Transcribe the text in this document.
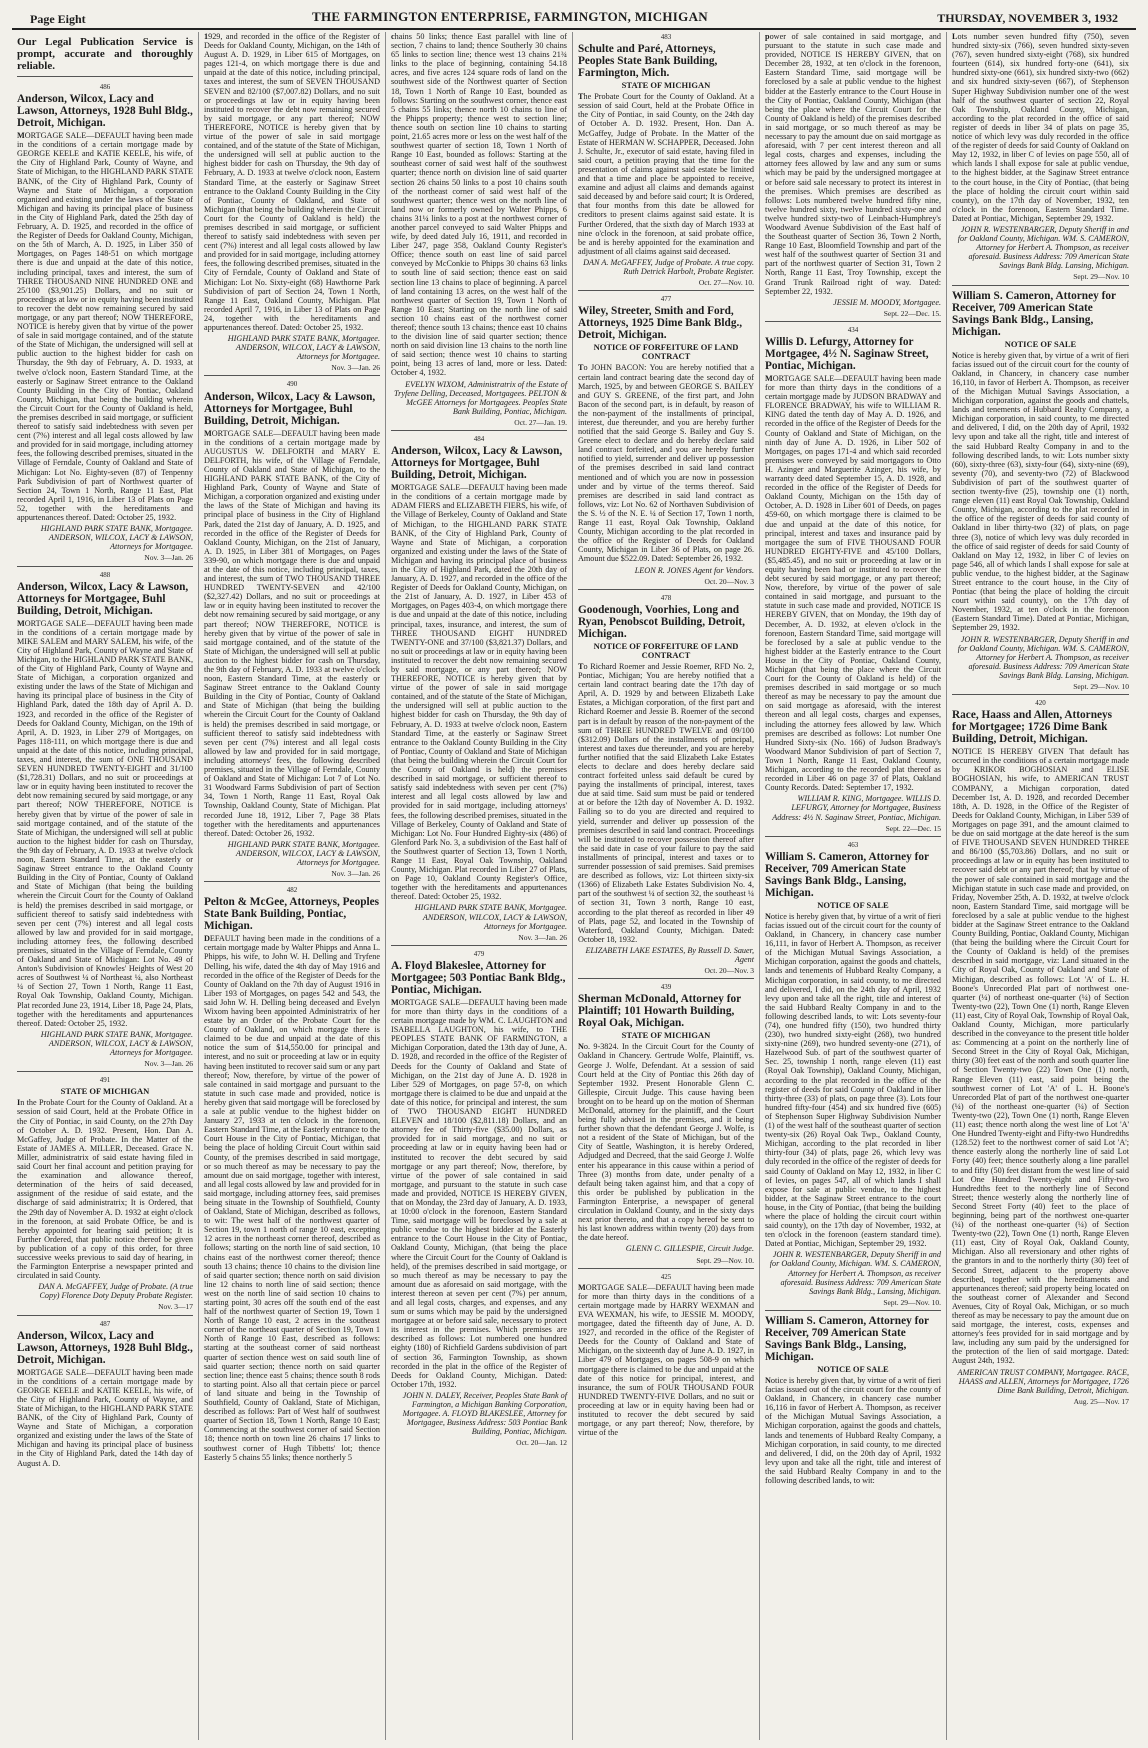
Page Eight	THE FARMINGTON ENTERPRISE, FARMINGTON, MICHIGAN	THURSDAY, NOVEMBER 3, 1932
Our Legal Publication Service is prompt, accurate and thoroughly reliable.
486
Anderson, Wilcox, Lacy and Lawson, Attorneys, 1928 Buhl Bldg., Detroit, Michigan.
MORTGAGE SALE—DEFAULT having been made in the conditions of a certain mortgage made by GEORGE KEELE and KATIE KEELE, his wife, of the City of Highland Park, County of Wayne, and State of Michigan, to the HIGHLAND PARK STATE BANK, of the City of Highland Park, County of Wayne and State of Michigan, a corporation organized and existing under the laws of the State of Michigan and having its principal place of business in the City of Highland Park, dated the 25th day of February, A. D. 1925, and recorded in the office of the Register of Deeds for Oakland County, Michigan, on the 5th of March, A. D. 1925, in Liber 350 of Mortgages, on Pages 148-51 on which mortgage there is due and unpaid at the date of this notice, including principal, taxes and interest, the sum of THREE THOUSAND NINE HUNDRED ONE and 25/100 ($3,901.25) Dollars, and no suit or proceedings at law or in equity having been instituted to recover the debt now remaining secured by said mortgage, or any part thereof; NOW THEREFORE, NOTICE is hereby given that by virtue of the power of sale in said mortgage contained, and of the statute of the State of Michigan, the undersigned will sell at public auction to the highest bidder for cash on Thursday, the 9th day of February, A. D. 1933, at twelve o'clock noon, Eastern Standard Time, at the easterly or Saginaw Street entrance to the Oakland County Building in the City of Pontiac, Oakland County, Michigan, that being the building wherein the Circuit Court for the County of Oakland is held, the premises described in said mortgage, or sufficient thereof to satisfy said indebtedness with seven per cent (7%) interest and all legal costs allowed by law and provided for in said mortgage, including attorney fees, the following described premises, situated in the Village of Ferndale, County of Oakland and State of Michigan: Lot No. Eighty-seven (87) of Tenpenny Park Subdivision of part of Northwest quarter of Section 24, Town 1 North, Range 11 East, Plat recorded April 1, 1916, in Liber 13 of Plats on Page 52, together with the hereditaments and appurtenances thereof. Dated: October 25, 1932.
HIGHLAND PARK STATE BANK, Mortgagee. ANDERSON, WILCOX, LACY & LAWSON, Attorneys for Mortgagee.
Nov. 3—Jan. 26
488
Anderson, Wilcox, Lacy & Lawson, Attorneys for Mortgagee, Buhl Building, Detroit, Michigan.
MORTGAGE SALE—DEFAULT having been made in the conditions of a certain mortgage made by MIKE SALEM and MARY SALEM, his wife, of the City of Highland Park, County of Wayne and State of Michigan, to the HIGHLAND PARK STATE BANK, of the City of Highland Park, County of Wayne and State of Michigan, a corporation organized and existing under the laws of the State of Michigan and having its principal place of business in the City of Highland Park, dated the 18th day of April A. D. 1923, and recorded in the office of the Register of Deeds for Oakland County, Michigan, on the 19th of April, A. D. 1923, in Liber 279 of Mortgages, on Pages 118-111, on which mortgage there is due and unpaid at the date of this notice, including principal, taxes, and interest, the sum of ONE THOUSAND SEVEN HUNDRED TWENTY-EIGHT and 31/100 ($1,728.31) Dollars, and no suit or proceedings at law or in equity having been instituted to recover the debt now remaining secured by said mortgage, or any part thereof; NOW THEREFORE, NOTICE is hereby given that by virtue of the power of sale in said mortgage contained, and of the statute of the State of Michigan, the undersigned will sell at public auction to the highest bidder for cash on Thursday, the 9th day of February, A. D. 1933 at twelve o'clock noon, Eastern Standard Time, at the easterly or Saginaw Street entrance to the Oakland County Building in the City of Pontiac, County of Oakland and State of Michigan (that being the building wherein the Circuit Court for the County of Oakland is held) the premises described in said mortgage, or sufficient thereof to satisfy said indebtedness with seven per cent (7%) interest and all legal costs allowed by law and provided for in said mortgage, including attorney fees, the following described premises, situated in the Village of Ferndale, County of Oakland and State of Michigan: Lot No. 49 of Anton's Subdivision of Knowles' Heights of West 20 acres of Southwest ¼ of Northeast ¼, also Northeast ¼ of Section 27, Town 1 North, Range 11 East, Royal Oak Township, Oakland County, Michigan. Plat recorded June 23, 1914, Liber 18, Page 24, Plats, together with the hereditaments and appurtenances thereof. Dated: October 25, 1932.
HIGHLAND PARK STATE BANK, Mortgagee. ANDERSON, WILCOX, LACY & LAWSON, Attorneys for Mortgagee.
Nov. 3—Jan. 26
491
STATE OF MICHIGAN
In the Probate Court for the County of Oakland. At a session of said Court, held at the Probate Office in the City of Pontiac, in said County, on the 27th Day of October A. D. 1932. Present, Hon. Dan A. McGaffey, Judge of Probate. In the Matter of the Estate of JAMES A. MILLER, Deceased. Grace N. Miller, administratrix of said estate having filed in said Court her final account and petition praying for the examination and allowance thereof, determination of the heirs of said deceased, assignment of the residue of said estate, and the discharge of said administratrix; It is Ordered, that the 29th day of November A. D. 1932 at eight o'clock in the forenoon, at said Probate Office, be and is hereby appointed for hearing said petition; It is Further Ordered, that public notice thereof be given by publication of a copy of this order, for three successive weeks previous to said day of hearing, in the Farmington Enterprise a newspaper printed and circulated in said County.
DAN A. McGAFFEY, Judge of Probate. (A true Copy) Florence Doty Deputy Probate Register.
Nov. 3—17
487
Anderson, Wilcox, Lacy and Lawson, Attorneys, 1928 Buhl Bldg., Detroit, Michigan.
MORTGAGE SALE—DEFAULT having been made in the conditions of a certain mortgage made by GEORGE KEELE and KATIE KEELE, his wife, of the City of Highland Park, County of Wayne, and State of Michigan, to the HIGHLAND PARK STATE BANK, of the City of Highland Park, County of Wayne and State of Michigan, a corporation organized and existing under the laws of the State of Michigan and having its principal place of business in the City of Highland Park, dated the 14th day of August A. D.
1929, and recorded in the office of the Register of Deeds for Oakland County, Michigan, on the 14th of August A. D. 1929, in Liber 615 of Mortgages, on pages 121-4, on which mortgage there is due and unpaid at the date of this notice, including principal, taxes and interest, the sum of SEVEN THOUSAND SEVEN and 82/100 ($7,007.82) Dollars, and no suit or proceedings at law or in equity having been instituted to recover the debt now remaining secured by said mortgage, or any part thereof; NOW THEREFORE, NOTICE is hereby given that by virtue of the power of sale in said mortgage contained, and of the statute of the State of Michigan, the undersigned will sell at public auction to the highest bidder for cash on Thursday, the 9th day of February, A. D. 1933 at twelve o'clock noon, Eastern Standard Time, at the easterly or Saginaw Street entrance to the Oakland County Building in the City of Pontiac, County of Oakland, and State of Michigan (that being the building wherein the Circuit Court for the County of Oakland is held) the premises described in said mortgage, or sufficient thereof to satisfy said indebtedness with seven per cent (7%) interest and all legal costs allowed by law and provided for in said mortgage, including attorney fees, the following described premises, situated in the City of Ferndale, County of Oakland and State of Michigan: Lot No. Sixty-eight (68) Hawthorne Park Subdivision of part of Section 24, Town 1 North, Range 11 East, Oakland County, Michigan. Plat recorded April 7, 1916, in Liber 13 of Plats on Page 24, together with the hereditaments and appurtenances thereof. Dated: October 25, 1932.
HIGHLAND PARK STATE BANK, Mortgagee. ANDERSON, WILCOX, LACY & LAWSON, Attorneys for Mortgagee.
Nov. 3—Jan. 26
490
Anderson, Wilcox, Lacy & Lawson, Attorneys for Mortgagee, Buhl Building, Detroit, Michigan.
MORTGAGE SALE—DEFAULT having been made in the conditions of a certain mortgage made by AUGUSTUS W. DELFORTH and MARY E. DELFORTH, his wife, of the Village of Ferndale, County of Oakland and State of Michigan, to the HIGHLAND PARK STATE BANK, of the City of Highland Park, County of Wayne and State of Michigan, a corporation organized and existing under the laws of the State of Michigan and having its principal place of business in the City of Highland Park, dated the 21st day of January, A. D. 1925, and recorded in the office of the Register of Deeds for Oakland County, Michigan, on the 21st of January, A. D. 1925, in Liber 381 of Mortgages, on Pages 339-90, on which mortgage there is due and unpaid at the date of this notice, including principal, taxes, and interest, the sum of TWO THOUSAND THREE HUNDRED TWENTY-SEVEN and 42/100 ($2,327.42) Dollars, and no suit or proceedings at law or in equity having been instituted to recover the debt now remaining secured by said mortgage, or any part thereof; NOW THEREFORE, NOTICE is hereby given that by virtue of the power of sale in said mortgage contained, and of the statute of the State of Michigan, the undersigned will sell at public auction to the highest bidder for cash on Thursday, the 9th day of February, A. D. 1933 at twelve o'clock noon, Eastern Standard Time, at the easterly or Saginaw Street entrance to the Oakland County Building in the City of Pontiac, County of Oakland and State of Michigan (that being the building wherein the Circuit Court for the County of Oakland is held) the premises described in said mortgage, or sufficient thereof to satisfy said indebtedness with seven per cent (7%) interest and all legal costs allowed by law and provided for in said mortgage, including attorneys' fees, the following described premises, situated in the Village of Ferndale, County of Oakland and State of Michigan: Lot 7 of Lot No. 31 Woodward Farms Subdivision of part of Section 34, Town 1 North, Range 11 East, Royal Oak Township, Oakland County, State of Michigan. Plat recorded June 18, 1912, Liber 7, Page 38 Plats together with the hereditaments and appurtenances thereof. Dated: October 26, 1932.
HIGHLAND PARK STATE BANK, Mortgagee. ANDERSON, WILCOX, LACY & LAWSON, Attorneys for Mortgagee.
Nov. 3—Jan. 26
482
Pelton & McGee, Attorneys, Peoples State Bank Building, Pontiac, Michigan.
DEFAULT having been made in the conditions of a certain mortgage made by Walter Phipps and Anna L. Phipps, his wife, to John W. H. Delling and Tryfene Delling, his wife, dated the 4th day of May 1916 and recorded in the office of the Register of Deeds for the County of Oakland on the 7th day of August 1916 in Liber 193 of Mortgages, on pages 542 and 543, the said John W. H. Delling being deceased and Evelyn Wixom having been appointed Administratrix of her estate by an Order of the Probate Court for the County of Oakland, on which mortgage there is claimed to be due and unpaid at the date of this notice the sum of $14,550.00 for principal and interest, and no suit or proceeding at law or in equity having been instituted to recover said sum or any part thereof; Now, therefore, by virtue of the power of sale contained in said mortgage and pursuant to the statute in such case made and provided, notice is hereby given that said mortgage will be foreclosed by a sale at public vendue to the highest bidder on January 27, 1933 at ten o'clock in the forenoon, Eastern Standard Time, at the Easterly entrance to the Court House in the City of Pontiac, Michigan, that being the place of holding Circuit Court within said County, of the premises described in said mortgage, or so much thereof as may be necessary to pay the amount due on said mortgage, together with interest, and all legal costs allowed by law and provided for in said mortgage, including attorney fees, said premises being situate in the Township of Southfield, County of Oakland, State of Michigan, described as follows, to wit: The west half of the northwest quarter of Section 19, town 1 north of range 10 east, excepting 12 acres in the northeast corner thereof, described as follows; starting on the north line of said section, 10 chains east of the northwest corner thereof; thence south 13 chains; thence 10 chains to the division line of said quarter section; thence north on said division line 12 chains to north line of said section; thence west on the north line of said section 10 chains to starting point, 30 acres off the south end of the east half of the northwest quarter of Section 19, Town 1 North of Range 10 east, 2 acres in the southeast corner of the northeast quarter of Section 19, Town 1 North of Range 10 East, described as follows: starting at the southeast corner of said northeast quarter of section thence west on said south line of said quarter section; thence north on said quarter section line; thence east 5 chains; thence south 8 rods to starting point. Also all that certain piece or parcel of land situate and being in the Township of Southfield, County of Oakland, State of Michigan, described as follows: Part of West half of southwest quarter of Section 18, Town 1 North, Range 10 East; Commencing at the southwest corner of said Section 18; thence north on town line 26 chains 17 links to southwest corner of Hugh Tibbetts' lot; thence Easterly 5 chains 55 links; thence northerly 5
chains 50 links; thence East parallel with line of section, 7 chains to land; thence Southerly 30 chains 65 links to section line; thence west 13 chains 21¾ links to the place of beginning, containing 54.18 acres, and five acres 124 square rods of land on the southwest side of the Northwest quarter of Section 18, Town 1 North of Range 10 East, bounded as follows: Starting on the southwest corner, thence east 5 chains 55 links; thence north 10 chains to line of the Phipps property; thence west to section line; thence south on section line 10 chains to starting point, 21.65 acres more or less on the west half of the southwest quarter of section 18, Town 1 North of Range 10 East, bounded as follows: Starting at the southeast corner of said west half of the southwest quarter; thence north on division line of said quarter section 26 chains 50 links to a post 10 chains south of the northeast corner of said west half of the southwest quarter; thence west on the north line of land now or formerly owned by Walter Phipps, 6 chains 31¼ links to a post at the northwest corner of another parcel conveyed to said Walter Phipps and wife, by deed dated July 16, 1911, and recorded in Liber 247, page 358, Oakland County Register's Office; thence south on east line of said parcel conveyed by McConkie to Phipps 30 chains 63 links to south line of said section; thence east on said section line 13 chains to place of beginning. A parcel of land containing 13 acres, on the west half of the northwest quarter of Section 19, Town 1 North of Range 10 East; Starting on the north line of said section 10 chains east of the northwest corner thereof; thence south 13 chains; thence east 10 chains to the division line of said quarter section; thence north on said division line 13 chains to the north line of said section; thence west 10 chains to starting point, being 13 acres of land, more or less. Dated: October 4, 1932.
EVELYN WIXOM, Administratrix of the Estate of Tryfene Delling, Deceased, Mortgagees. PELTON & McGEE Attorneys for Mortgagees. Peoples State Bank Building, Pontiac, Michigan.
Oct. 27—Jan. 19.
484
Anderson, Wilcox, Lacy & Lawson, Attorneys for Mortgagee, Buhl Building, Detroit, Michigan.
MORTGAGE SALE—DEFAULT having been made in the conditions of a certain mortgage made by ADAM FIERS and ELIZABETH FIERS, his wife, of the Village of Berkeley, County of Oakland and State of Michigan, to the HIGHLAND PARK STATE BANK, of the City of Highland Park, County of Wayne and State of Michigan, a corporation organized and existing under the laws of the State of Michigan and having its principal place of business in the City of Highland Park, dated the 20th day of January, A. D. 1927, and recorded in the office of the Register of Deeds for Oakland County, Michigan, on the 21st of January, A. D. 1927, in Liber 453 of Mortgages, on Pages 403-4, on which mortgage there is due and unpaid at the date of this notice, including principal, taxes, insurance, and interest, the sum of THREE THOUSAND EIGHT HUNDRED TWENTY-ONE and 37/100 ($3,821.37) Dollars, and no suit or proceedings at law or in equity having been instituted to recover the debt now remaining secured by said mortgage, or any part thereof; NOW THEREFORE, NOTICE is hereby given that by virtue of the power of sale in said mortgage contained, and of the statute of the State of Michigan, the undersigned will sell at public auction to the highest bidder for cash on Thursday, the 9th day of February, A. D. 1933 at twelve o'clock noon, Eastern Standard Time, at the easterly or Saginaw Street entrance to the Oakland County Building in the City of Pontiac, County of Oakland and State of Michigan (that being the building wherein the Circuit Court for the County of Oakland is held) the premises described in said mortgage, or sufficient thereof to satisfy said indebtedness with seven per cent (7%) interest and all legal costs allowed by law and provided for in said mortgage, including attorneys' fees, the following described premises, situated in the Village of Berkeley, County of Oakland and State of Michigan: Lot No. Four Hundred Eighty-six (486) of Glenford Park No. 3, a subdivision of the East half of the Southwest quarter of Section 13, Town 1 North, Range 11 East, Royal Oak Township, Oakland County, Michigan. Plat recorded in Liber 27 of Plats, on Page 10, Oakland County Register's Office, together with the hereditaments and appurtenances thereof. Dated: October 25, 1932.
HIGHLAND PARK STATE BANK, Mortgagee. ANDERSON, WILCOX, LACY & LAWSON, Attorneys for Mortgagee.
Nov. 3—Jan. 26
479
A. Floyd Blakeslee, Attorney for Mortgagee; 503 Pontiac Bank Bldg., Pontiac, Michigan.
MORTGAGE SALE—DEFAULT having been made for more than thirty days in the conditions of a certain mortgage made by WM. C. LAUGHTON and ISABELLA LAUGHTON, his wife, to THE PEOPLES STATE BANK OF FARMINGTON, a Michigan Corporation, dated the 13th day of June, A. D. 1928, and recorded in the office of the Register of Deeds for the County of Oakland and State of Michigan, on the 21st day of June A. D. 1928 in Liber 529 of Mortgages, on page 57-8, on which mortgage there is claimed to be due and unpaid at the date of this notice, for principal and interest, the sum of TWO THOUSAND EIGHT HUNDRED ELEVEN and 18/100 ($2,811.18) Dollars, and an attorney fee of Thirty-five ($35.00) Dollars, as provided for in said mortgage, and no suit or proceeding at law or in equity having been had or instituted to recover the debt secured by said mortgage or any part thereof; Now, therefore, by virtue of the power of sale contained in said mortgage, and pursuant to the statute in such case made and provided, NOTICE IS HEREBY GIVEN, that on Monday, the 23rd day of January, A. D. 1933, at 10:00 o'clock in the forenoon, Eastern Standard Time, said mortgage will be foreclosed by a sale at public vendue to the highest bidder at the Easterly entrance to the Court House in the City of Pontiac, Oakland County, Michigan, (that being the place where the Circuit Court for the County of Oakland is held), of the premises described in said mortgage, or so much thereof as may be necessary to pay the amount due as aforesaid on said mortgage, with the interest thereon at seven per cent (7%) per annum, and all legal costs, charges, and expenses, and any sum or sums which may be paid by the undersigned mortgagee at or before said sale, necessary to protect its interest in the premises. Which premises are described as follows: Lot numbered one hundred eighty (180) of Richfield Gardens subdivision of part of section 36, Farmington Township, as shown recorded in the plat in the office of the Register of Deeds for Oakland County, Michigan. Dated: October 17th, 1932.
JOHN N. DALEY, Receiver, Peoples State Bank of Farmington, a Michigan Banking Corporation, Mortgagee. A. FLOYD BLAKESLEE, Attorney for Mortgagee, Business Address: 503 Pontiac Bank Building, Pontiac, Michigan.
Oct. 20—Jan. 12
483
Schulte and Paré, Attorneys, Peoples State Bank Building, Farmington, Mich.
STATE OF MICHIGAN
The Probate Court for the County of Oakland. At a session of said Court, held at the Probate Office in the City of Pontiac, in said County, on the 24th day of October A. D. 1932. Present, Hon. Dan A. McGaffey, Judge of Probate. In the Matter of the Estate of HERMAN W. SCHAPPER, Deceased. John J. Schulte, Jr., executor of said estate, having filed in said court, a petition praying that the time for the presentation of claims against said estate be limited and that a time and place be appointed to receive, examine and adjust all claims and demands against said deceased by and before said court; It is Ordered, that four months from this date be allowed for creditors to present claims against said estate. It is Further Ordered, that the sixth day of March 1933 at nine o'clock in the forenoon, at said probate office, be and is hereby appointed for the examination and adjustment of all claims against said deceased.
DAN A. McGAFFEY, Judge of Probate. A true copy. Ruth Detrick Harbolt, Probate Register.
Oct. 27—Nov. 10.
477
Wiley, Streeter, Smith and Ford, Attorneys, 1925 Dime Bank Bldg., Detroit, Michigan.
NOTICE OF FORFEITURE OF LAND CONTRACT
To JOHN BACON: You are hereby notified that a certain land contract bearing date the second day of March, 1925, by and between GEORGE S. BAILEY and GUY S. GREENE, of the first part, and John Bacon of the second part, is in default, by reason of the non-payment of the installments of principal, interest, due thereunder, and you are hereby further notified that the said George S. Bailey and Guy S. Greene elect to declare and do hereby declare said land contract forfeited, and you are hereby further notified to yield, surrender and deliver up possession of the premises described in said land contract mentioned and of which you are now in possession under and by virtue of the terms thereof. Said premises are described in said land contract as follows, viz: Lot No. 62 of Northaven Subdivision of the S. ½ of the N. E. ¼ of Section 17, Town 1 north, Range 11 east, Royal Oak Township, Oakland County, Michigan according to the plat recorded in the office of the Register of Deeds for Oakland County, Michigan in Liber 36 of Plats, on page 26. Amount due $522.09. Dated: September 26, 1932.
LEON R. JONES Agent for Vendors.
Oct. 20—Nov. 3
478
Goodenough, Voorhies, Long and Ryan, Penobscot Building, Detroit, Michigan.
NOTICE OF FORFEITURE OF LAND CONTRACT
To Richard Roemer and Jessie Roemer, RFD No. 2, Pontiac, Michigan; You are hereby notified that a certain land contract bearing date the 17th day of April, A. D. 1929 by and between Elizabeth Lake Estates, a Michigan corporation, of the first part and Richard Roemer and Jessie B. Roemer of the second part is in default by reason of the non-payment of the sum of THREE HUNDRED TWELVE and 09/100 ($312.09) Dollars of the installments of principal, interest and taxes due thereunder, and you are hereby further notified that the said Elizabeth Lake Estates elects to declare and does hereby declare said contract forfeited unless said default be cured by paying the installments of principal, interest, taxes due at said time. Said sum must be paid or tendered at or before the 12th day of November A. D. 1932. Failing so to do you are directed and required to yield, surrender and deliver up possession of the premises described in said land contract. Proceedings will be instituted to recover possession thereof after the said date in case of your failure to pay the said installments of principal, interest and taxes or to surrender possession of said premises. Said premises are described as follows, viz: Lot thirteen sixty-six (1366) of Elizabeth Lake Estates Subdivision No. 4, part of the southwest ¼ of section 32, the southeast ¼ of section 31, Town 3 north, Range 10 east, according to the plat thereof as recorded in liber 49 of Plats, page 52, and located in the Township of Waterford, Oakland County, Michigan. Dated: October 18, 1932.
ELIZABETH LAKE ESTATES, By Russell D. Sauer, Agent
Oct. 20—Nov. 3
439
Sherman McDonald, Attorney for Plaintiff; 101 Howarth Building, Royal Oak, Michigan.
STATE OF MICHIGAN
No. 9-3824. In the Circuit Court for the County of Oakland in Chancery. Gertrude Wolfe, Plaintiff, vs. George J. Wolfe, Defendant. At a session of said Court held at the City of Pontiac this 26th day of September 1932. Present Honorable Glenn C. Gillespie, Circuit Judge. This cause having been brought on to be heard up on the motion of Sherman McDonald, attorney for the plaintiff, and the Court being fully advised in the premises, and it being further shown that the defendant George J. Wolfe, is not a resident of the State of Michigan, but of the City of Seattle, Washington, it is hereby Ordered, Adjudged and Decreed, that the said George J. Wolfe enter his appearance in this cause within a period of Three (3) months from date, under penalty of a default being taken against him, and that a copy of this order be published by publication in the Farmington Enterprise, a newspaper of general circulation in Oakland County, and in the sixty days next prior thereto, and that a copy hereof be sent to his last known address within twenty (20) days from the date hereof.
GLENN C. GILLESPIE, Circuit Judge.
Sept. 29—Nov. 10.
425
MORTGAGE SALE—DEFAULT having been made for more than thirty days in the conditions of a certain mortgage made by HARRY WEXMAN and EVA WEXMAN, his wife, to JESSIE M. MOODY, mortgagee, dated the fifteenth day of June, A. D. 1927, and recorded in the office of the Register of Deeds for the County of Oakland and State of Michigan, on the sixteenth day of June A. D. 1927, in Liber 479 of Mortgages, on pages 508-9 on which mortgage there is claimed to be due and unpaid at the date of this notice for principal, interest, and insurance, the sum of FOUR THOUSAND FOUR HUNDRED TWENTY-FIVE Dollars, and no suit or proceeding at law or in equity having been had or instituted to recover the debt secured by said mortgage, or any part thereof; Now, therefore, by virtue of the
power of sale contained in said mortgage, and pursuant to the statute in such case made and provided, NOTICE IS HEREBY GIVEN, that on December 28, 1932, at ten o'clock in the forenoon, Eastern Standard Time, said mortgage will be foreclosed by a sale at public vendue to the highest bidder at the Easterly entrance to the Court House in the City of Pontiac, Oakland County, Michigan (that being the place where the Circuit Court for the County of Oakland is held) of the premises described in said mortgage, or so much thereof as may be necessary to pay the amount due on said mortgage as aforesaid, with 7 per cent interest thereon and all legal costs, charges and expenses, including the attorney fees allowed by law and any sum or sums which may be paid by the undersigned mortgagee at or before said sale necessary to protect its interest in the premises. Which premises are described as follows: Lots numbered twelve hundred fifty nine, twelve hundred sixty, twelve hundred sixty-one and twelve hundred sixty-two of Leinbach-Humphrey's Woodward Avenue Subdivision of the East half of the Southeast quarter of Section 36, Town 2 North, Range 10 East, Bloomfield Township and part of the west half of the southwest quarter of Section 31 and part of the northwest quarter of Section 31, Town 2 North, Range 11 East, Troy Township, except the Grand Trunk Railroad right of way. Dated: September 22, 1932.
JESSIE M. MOODY, Mortgagee.
Sept. 22—Dec. 15.
434
Willis D. Lefurgy, Attorney for Mortgagee, 4½ N. Saginaw Street, Pontiac, Michigan.
MORTGAGE SALE—DEFAULT having been made for more than thirty days in the conditions of a certain mortgage made by JUDSON BRADWAY and FLORENCE BRADWAY, his wife to WILLIAM R. KING dated the tenth day of May A. D. 1926, and recorded in the office of the Register of Deeds for the County of Oakland and State of Michigan, on the ninth day of June A. D. 1926, in Liber 502 of Mortgages, on pages 171-4 and which said recorded premises were conveyed by said mortgagors to Otto H. Azinger and Marguerite Azinger, his wife, by warranty deed dated September 15, A. D. 1928, and recorded in the office of the Register of Deeds for Oakland County, Michigan on the 15th day of October, A. D. 1928 in Liber 601 of Deeds, on pages 459-60, on which mortgage there is claimed to be due and unpaid at the date of this notice, for principal, interest and taxes and insurance paid by mortgagee the sum of FIVE THOUSAND FOUR HUNDRED EIGHTY-FIVE and 45/100 Dollars, ($5,485.45), and no suit or proceeding at law or in equity having been had or instituted to recover the debt secured by said mortgage, or any part thereof; Now, therefore, by virtue of the power of sale contained in said mortgage, and pursuant to the statute in such case made and provided, NOTICE IS HEREBY GIVEN, that on Monday, the 19th day of December, A. D. 1932, at eleven o'clock in the forenoon, Eastern Standard Time, said mortgage will be foreclosed by a sale at public vendue to the highest bidder at the Easterly entrance to the Court House in the City of Pontiac, Oakland County, Michigan (that being the place where the Circuit Court for the County of Oakland is held) of the premises described in said mortgage or so much thereof as may be necessary to pay the amount due on said mortgage as aforesaid, with the interest thereon and all legal costs, charges and expenses, including the attorney fees allowed by law. Which premises are described as follows: Lot number One Hundred Sixty-six (No. 166) of Judson Bradway's Woodward Manor Subdivision of part of Section 7, Town 1 North, Range 11 East, Oakland County, Michigan, according to the recorded plat thereof as recorded in Liber 46 on page 37 of Plats, Oakland County Records. Dated: September 17, 1932.
WILLIAM R. KING, Mortgagee. WILLIS D. LEFURGY, Attorney for Mortgagee, Business Address: 4½ N. Saginaw Street, Pontiac, Michigan.
Sept. 22—Dec. 15
463
William S. Cameron, Attorney for Receiver, 709 American State Savings Bank Bldg., Lansing, Michigan.
NOTICE OF SALE
Notice is hereby given that, by virtue of a writ of fieri facias issued out of the circuit court for the county of Oakland, in Chancery, in chancery case number 16,111, in favor of Herbert A. Thompson, as receiver of the Michigan Mutual Savings Association, a Michigan corporation, against the goods and chattels, lands and tenements of Hubbard Realty Company, a Michigan corporation, in said county, to me directed and delivered, I did, on the 24th day of April, 1932 levy upon and take all the right, title and interest of the said Hubbard Realty Company in and to the following described lands, to wit: Lots seventy-four (74), one hundred fifty (150), two hundred thirty (230), two hundred sixty-eight (268), two hundred sixty-nine (269), two hundred seventy-one (271), of Hazelwood Sub. of part of the southwest quarter of Sec. 25, township 1 north, range eleven (11) east (Royal Oak Township), Oakland County, Michigan, according to the plat recorded in the office of the register of deeds for said County of Oakland in liber thirty-three (33) of plats, on page three (3). Lots four hundred fifty-four (454) and six hundred five (605) of Stephenson Super Highway Subdivision Number (1) of the west half of the southeast quarter of section twenty-six (26) Royal Oak Twp., Oakland County, Michigan, according to the plat recorded in liber thirty-four (34) of plats, page 26, which levy was duly recorded in the office of the register of deeds for said County of Oakland on May 12, 1932, in liber C of levies, on pages 547, all of which lands I shall expose for sale at public vendue, to the highest bidder, at the Saginaw Street entrance to the court house, in the City of Pontiac, (that being the building where the place of holding the circuit court within said county), on the 17th day of November, 1932, at ten o'clock in the forenoon (eastern standard time). Dated at Pontiac, Michigan, September 29, 1932.
JOHN R. WESTENBARGER, Deputy Sheriff in and for Oakland County, Michigan. WM. S. CAMERON, Attorney for Herbert A. Thompson, as receiver aforesaid. Business Address: 709 American State Savings Bank Bldg., Lansing, Michigan.
Sept. 29—Nov. 10.
William S. Cameron, Attorney for Receiver, 709 American State Savings Bank Bldg., Lansing, Michigan.
NOTICE OF SALE
Notice is hereby given that, by virtue of a writ of fieri facias issued out of the circuit court for the county of Oakland, in Chancery, in chancery case number 16,116 in favor of Herbert A. Thompson, as receiver of the Michigan Mutual Savings Association, a Michigan corporation, against the goods and chattels, lands and tenements of Hubbard Realty Company, a Michigan corporation, in said county, to me directed and delivered, I did, on the 20th day of April, 1932 levy upon and take all the right, title and interest of the said Hubbard Realty Company in and to the following described lands, to wit:
Lots number seven hundred fifty (750), seven hundred sixty-six (766), seven hundred sixty-seven (767), seven hundred sixty-eight (768), six hundred fourteen (614), six hundred forty-one (641), six hundred sixty-one (661), six hundred sixty-two (662) and six hundred sixty-seven (667), of Stephenson Super Highway Subdivision number one of the west half of the southwest quarter of section 22, Royal Oak Township, Oakland County, Michigan, according to the plat recorded in the office of said register of deeds in liber 34 of plats on page 35, notice of which levy was duly recorded in the office of the register of deeds for said County of Oakland on May 12, 1932, in liber C of levies on page 550, all of which lands I shall expose for sale at public vendue, to the highest bidder, at the Saginaw Street entrance to the court house, in the City of Pontiac, (that being the place of holding the circuit court within said county), on the 17th day of November, 1932, ten o'clock in the forenoon, Eastern Standard Time. Dated at Pontiac, Michigan, September 29, 1932.
JOHN R. WESTENBARGER, Deputy Sheriff in and for Oakland County, Michigan. WM. S. CAMERON, Attorney for Herbert A. Thompson, as receiver aforesaid. Business Address: 709 American State Savings Bank Bldg. Lansing, Michigan.
Sept. 29—Nov. 10
William S. Cameron, Attorney for Receiver, 709 American State Savings Bank Bldg., Lansing, Michigan.
NOTICE OF SALE
Notice is hereby given that, by virtue of a writ of fieri facias issued out of the circuit court for the county of Oakland, in Chancery, in chancery case number 16,110, in favor of Herbert A. Thompson, as receiver of the Michigan Mutual Savings Association, a Michigan corporation, against the goods and chattels, lands and tenements of Hubbard Realty Company, a Michigan corporation, in said county, to me directed and delivered, I did, on the 20th day of April, 1932 levy upon and take all the right, title and interest of the said Hubbard Realty Company in and to the following described lands, to wit: Lots number sixty (60), sixty-three (63), sixty-four (64), sixty-nine (69), seventy (70), and seventy-two (72) of Blackwood Subdivision of part of the southwest quarter of section twenty-five (25), township one (1) north, range eleven (11) east Royal Oak Township, Oakland County, Michigan, according to the plat recorded in the office of the register of deeds for said county of Oakland in liber thirty-two (32) of plats, on page three (3), notice of which levy was duly recorded in the office of said register of deeds for said County of Oakland on May 12, 1932, in liber C of levies on page 546, all of which lands I shall expose for sale at public vendue, to the highest bidder, at the Saginaw Street entrance to the court house, in the City of Pontiac (that being the place of holding the circuit court within said county), on the 17th day of November, 1932, at ten o'clock in the forenoon (Eastern Standard Time). Dated at Pontiac, Michigan, September 29, 1932.
JOHN R. WESTENBARGER, Deputy Sheriff in and for Oakland County, Michigan. WM. S. CAMERON, Attorney for Herbert A. Thompson, as receiver aforesaid. Business Address: 709 American State Savings Bank Bldg. Lansing, Michigan.
Sept. 29—Nov. 10
420
Race, Haass and Allen, Attorneys for Mortgagee; 1726 Dime Bank Building, Detroit, Michigan.
NOTICE IS HEREBY GIVEN That default has occurred in the conditions of a certain mortgage made by KRIKOR BOGHOSIAN and ELISE BOGHOSIAN, his wife, to AMERICAN TRUST COMPANY, a Michigan corporation, dated December 1st, A. D. 1928, and recorded December 18th, A. D. 1928, in the Office of the Register of Deeds for Oakland County, Michigan, in Liber 539 of Mortgages on page 391, and the amount claimed to be due on said mortgage at the date hereof is the sum of FIVE THOUSAND SEVEN HUNDRED THREE and 86/100 ($5,703.86) Dollars, and no suit or proceedings at law or in equity has been instituted to recover said debt or any part thereof; that by virtue of the power of sale contained in said mortgage and the Michigan statute in such case made and provided, on Friday, November 25th, A. D. 1932, at twelve o'clock noon, Eastern Standard Time, said mortgage will be foreclosed by a sale at public vendue to the highest bidder at the Saginaw Street entrance to the Oakland County Building, Pontiac, Oakland County, Michigan (that being the building where the Circuit Court for the County of Oakland is held) of the premises described in said mortgage, viz: Land situated in the City of Royal Oak, County of Oakland and State of Michigan, described as follows: Lot 'A' of L. H. Boone's Unrecorded Plat part of northwest one-quarter (¼) of northeast one-quarter (¼) of Section Twenty-two (22), Town One (1) north, Range Eleven (11) east, City of Royal Oak, Township of Royal Oak, Oakland County, Michigan, more particularly described in the conveyance to the present title holder as: Commencing at a point on the northerly line of Second Street in the City of Royal Oak, Michigan, thirty (30) feet east of the north and south quarter line of Section Twenty-two (22) Town One (1) north, Range Eleven (11) east, said point being the southwest corner of Lot 'A' of L. H. Boone's Unrecorded Plat of part of the northwest one-quarter (¼) of the northeast one-quarter (¼) of Section Twenty-two (22), Town One (1) north, Range Eleven (11) east; thence north along the west line of Lot 'A' One Hundred Twenty-eight and Fifty-two Hundredths (128.52) feet to the northwest corner of said Lot 'A'; thence easterly along the northerly line of said Lot Forty (40) feet; thence southerly along a line parallel to and fifty (50) feet distant from the west line of said Lot One Hundred Twenty-eight and Fifty-two Hundredths feet to the northerly line of Second Street; thence westerly along the northerly line of Second Street Forty (40) feet to the place of beginning, being part of the northwest one-quarter (¼) of the northeast one-quarter (¼) of Section Twenty-two (22), Town One (1) north, Range Eleven (11) east, City of Royal Oak, Oakland County, Michigan. Also all reversionary and other rights of the grantors in and to the northerly thirty (30) feet of Second Street, adjacent to the property above described, together with the hereditaments and appurtenances thereof; said property being located on the southeast corner of Alexander and Second Avenues, City of Royal Oak, Michigan, or so much thereof as may be necessary to pay the amount due on said mortgage, the interest, costs, expenses and attorney's fees provided for in said mortgage and by law, including any sum paid by the undersigned for the protection of the lien of said mortgage. Dated: August 24th, 1932.
AMERICAN TRUST COMPANY, Mortgagee. RACE, HAASS and ALLEN, Attorneys for Mortgagee, 1726 Dime Bank Building, Detroit, Michigan.
Aug. 25—Nov. 17
